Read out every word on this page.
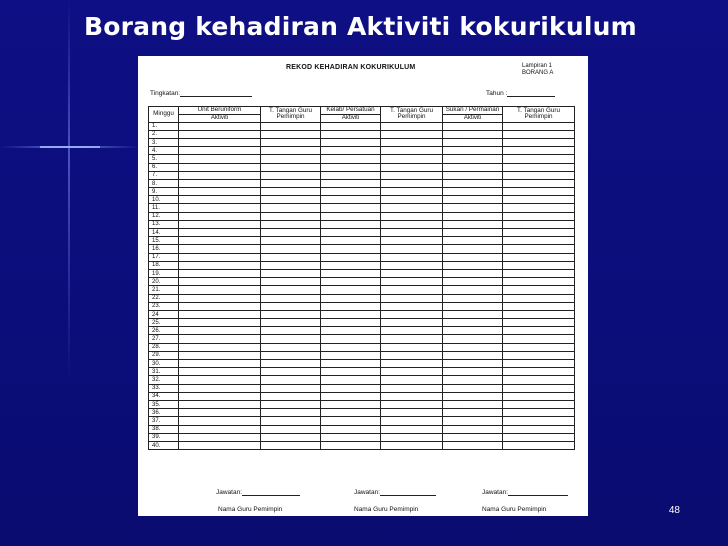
Borang kehadiran Aktiviti kokurikulum
REKOD KEHADIRAN KOKURIKULUM	Lampiran 1
BORANG A
Tingkatan:	Tahun :
Minggu	Unit Beruniform	T. Tangan Guru Pemimpin	Kelab/ Persatuan	T. Tangan Guru Pemimpin	Sukan / Permainan	T. Tangan Guru Pemimpin
	Aktiviti		Aktiviti		Aktiviti	
1.						
2.						
3.						
4.						
5.						
6.						
7.						
8.						
9.						
10.						
11.						
12.						
13.						
14.						
15.						
16.						
17.						
18.						
19.						
20.						
21.						
22.						
23.						
24						
25.						
26.						
27.						
28.						
29.						
30.						
31.						
32.						
33.						
34.						
35.						
36.						
37.						
38.						
39.						
40.						
Jawatan:	Jawatan:	Jawatan:
Nama Guru Pemimpin	Nama Guru Pemimpin	Nama Guru Pemimpin	48
